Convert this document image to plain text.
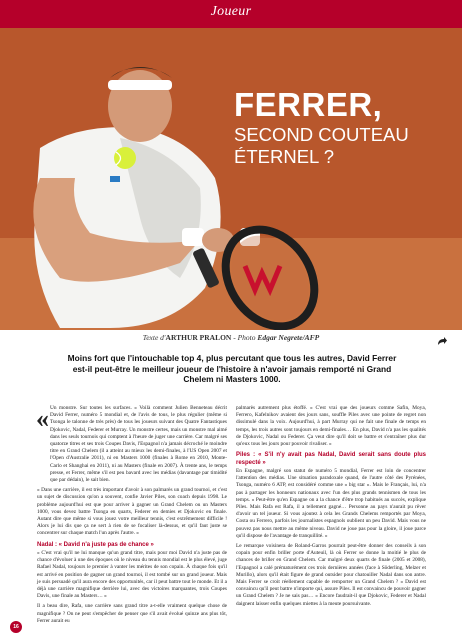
Joueur
FERRER,
SECOND COUTEAU
ÉTERNEL ?
Texte d'ARTHUR PRALON - Photo Edgar Negrete/AFP
Moins fort que l'intouchable top 4, plus percutant que tous les autres, David Ferrer est-il peut-être le meilleur joueur de l'histoire à n'avoir jamais remporté ni Grand Chelem ni Masters 1000.
« Un monstre. Sur toutes les surfaces. » Voilà comment Julien Benneteau décrit David Ferrer, numéro 5 mondial et, de l'avis de tous, le plus régulier (même si Tsonga le talonne de très près) de tous les joueurs suivant des Quatre Fantastiques Djokovic, Nadal, Federer et Murray. Un monstre certes, mais un monstre mal aimé dans les seuls tournois qui comptent à l'heure de juger une carrière. Car malgré ses quatorze titres et ses trois Coupes Davis, l'Espagnol n'a jamais décroché le moindre titre en Grand Chelem (il a atteint au mieux les demi-finales, à l'US Open 2007 et l'Open d'Australie 2011), ni en Masters 1000 (finales à Rome en 2010, Monte-Carlo et Shanghai en 2011), ni au Masters (finale en 2007). À trente ans, le temps presse, et Ferrer, même s'il est peu bavard avec les médias (davantage par timidité que par dédain), le sait bien.

« Dans une carrière, il est très important d'avoir à son palmarès un grand tournoi, et c'est un sujet de discussion qu'on a souvent, confie Javier Piles, son coach depuis 1998. Le problème aujourd'hui est que pour arriver à gagner un Grand Chelem ou un Masters 1000, vous devez battre Tsonga en quarts, Federer en demies et Djokovic en finale. Autant dire que même si vous jouez votre meilleur tennis, c'est extrêmement difficile ! Alors je lui dis que ça ne sert à rien de se focaliser là-dessus, et qu'il faut juste se concentrer sur chaque match l'un après l'autre. »

Nadal : « David n'a juste pas de chance »

« C'est vrai qu'il ne lui manque qu'un grand titre, mais pour moi David n'a juste pas de chance d'évoluer à une des époques où le niveau du tennis mondial est le plus élevé, juge Rafael Nadal, toujours le premier à vanter les mérites de son copain. À chaque fois qu'il est arrivé en position de gagner un grand tournoi, il est tombé sur un grand joueur. Mais je suis persuadé qu'il aura encore des opportunités, car il peut battre tout le monde. Et il a déjà une carrière magnifique derrière lui, avec des victoires marquantes, trois Coupes Davis, une finale au Masters… »

Il a beau dire, Rafa, une carrière sans grand titre a-t-elle vraiment quelque chose de magnifique ? On ne peut s'empêcher de penser que s'il avait évolué quinze ans plus tôt, Ferrer aurait eu

palmarès autrement plus étoffé. « C'est vrai que des joueurs comme Safin, Moya, Ferrero, Kafelnikov avaient des jours sans, souffle Piles avec une pointe de regret non dissimulé dans la voix. Aujourd'hui, à part Murray qui ne fait une finale de temps en temps, les trois autres sont toujours en demi-finales… En plus, David n'a pas les qualités de Djokovic, Nadal ou Federer. Ça veut dire qu'il doit se battre et s'entraîner plus dur qu'eux tous les jours pour pouvoir rivaliser. »

Piles : « S'il n'y avait pas Nadal, David serait sans doute plus respecté »

En Espagne, malgré son statut de numéro 5 mondial, Ferrer est loin de concentrer l'attention des médias. Une situation paradoxale quand, de l'autre côté des Pyrénées, Tsonga, numéro 6 ATP, est considéré comme une « big star ». Mais le Français, lui, n'a pas à partager les honneurs nationaux avec l'un des plus grands tennismen de tous les temps. « Peut-être qu'en Espagne on a la chance d'être trop habitués au succès, explique Piles. Mais Rafa est Rafa, il a tellement gagné… Personne au pays n'aurait pu rêver d'avoir un tel joueur. Si vous ajoutez à cela les Grands Chelems remportés par Moya, Costa ou Ferrero, parfois les journalistes espagnols oublient un peu David. Mais vous ne pouvez pas nous mettre au même niveau. David ne joue pas pour la gloire, il joue parce qu'il dispose de l'avantage de tranquillité. »

Le remarque voisinera de Roland-Garros pourrait peut-être donner des conseils à son copain pour enfin briller porte d'Auteuil, là où Ferrer se donne la moitié le plus de chances de briller en Grand Chelem. Car malgré deux quarts de finale (2005 et 2008), l'Espagnol a calé prématurément ces trois dernières années (face à Söderling, Melzer et Murillo), alors qu'il était figure de grand outsider pour chatouiller Nadal dans son antre. Mais Ferrer se croit réellement capable de remporter un Grand Chelem ? « David est convaincu qu'il peut battre n'importe qui, assure Piles. Il est convaincu de pouvoir gagner un Grand Chelem ? Je ne sais pas… » Encore faudrait-il que Djokovic, Federer et Nadal daignent laisser enfin quelques miettes à la meute poursuivante.

16
